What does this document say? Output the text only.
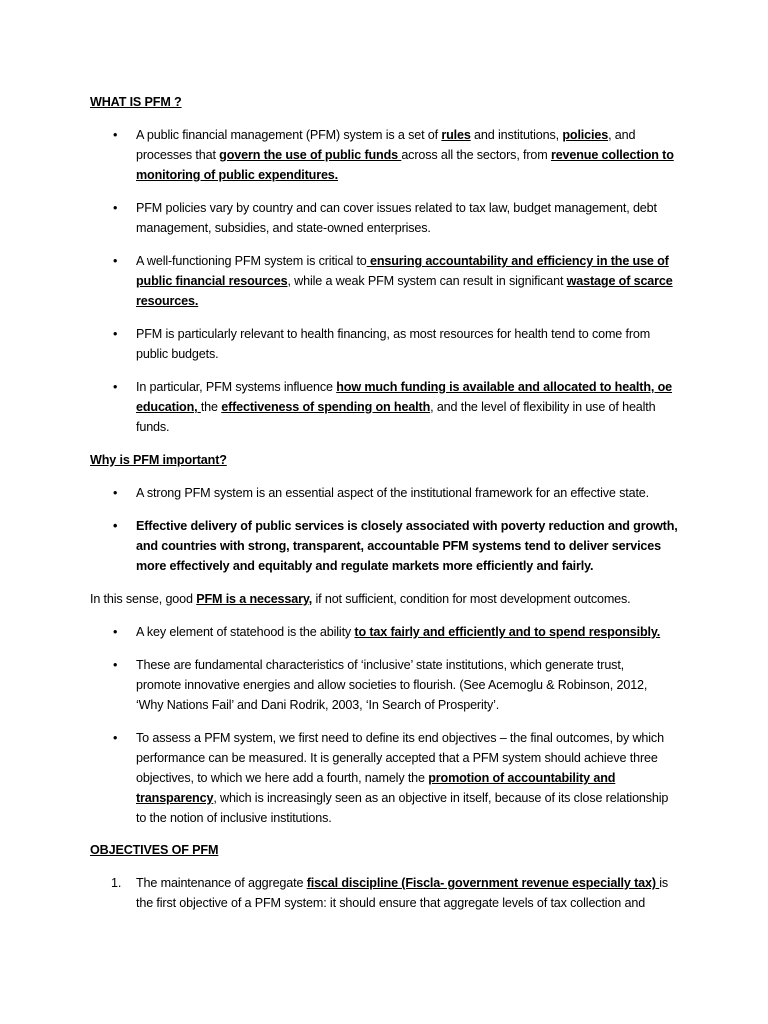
WHAT IS PFM ?
• A public financial management (PFM) system is a set of rules and institutions, policies, and
processes that govern the use of public funds across all the sectors, from revenue collection to
monitoring of public expenditures.
• PFM policies vary by country and can cover issues related to tax law, budget management, debt
management, subsidies, and state-owned enterprises.
• A well-functioning PFM system is critical to ensuring accountability and efficiency in the use of
public financial resources, while a weak PFM system can result in significant wastage of scarce
resources.
• PFM is particularly relevant to health financing, as most resources for health tend to come from
public budgets.
• In particular, PFM systems influence how much funding is available and allocated to health, oe
education, the effectiveness of spending on health, and the level of flexibility in use of health
funds.
Why is PFM important?
• A strong PFM system is an essential aspect of the institutional framework for an effective state.
• Effective delivery of public services is closely associated with poverty reduction and growth,
and countries with strong, transparent, accountable PFM systems tend to deliver services
more effectively and equitably and regulate markets more efficiently and fairly.
In this sense, good PFM is a necessary, if not sufficient, condition for most development outcomes.
• A key element of statehood is the ability to tax fairly and efficiently and to spend responsibly.
• These are fundamental characteristics of ‘inclusive’ state institutions, which generate trust,
promote innovative energies and allow societies to flourish. (See Acemoglu & Robinson, 2012,
‘Why Nations Fail’ and Dani Rodrik, 2003, ‘In Search of Prosperity’.
• To assess a PFM system, we first need to define its end objectives – the final outcomes, by which
performance can be measured. It is generally accepted that a PFM system should achieve three
objectives, to which we here add a fourth, namely the promotion of accountability and
transparency, which is increasingly seen as an objective in itself, because of its close relationship
to the notion of inclusive institutions.
OBJECTIVES OF PFM
1. The maintenance of aggregate fiscal discipline (Fiscla- government revenue especially tax) is
the first objective of a PFM system: it should ensure that aggregate levels of tax collection and
